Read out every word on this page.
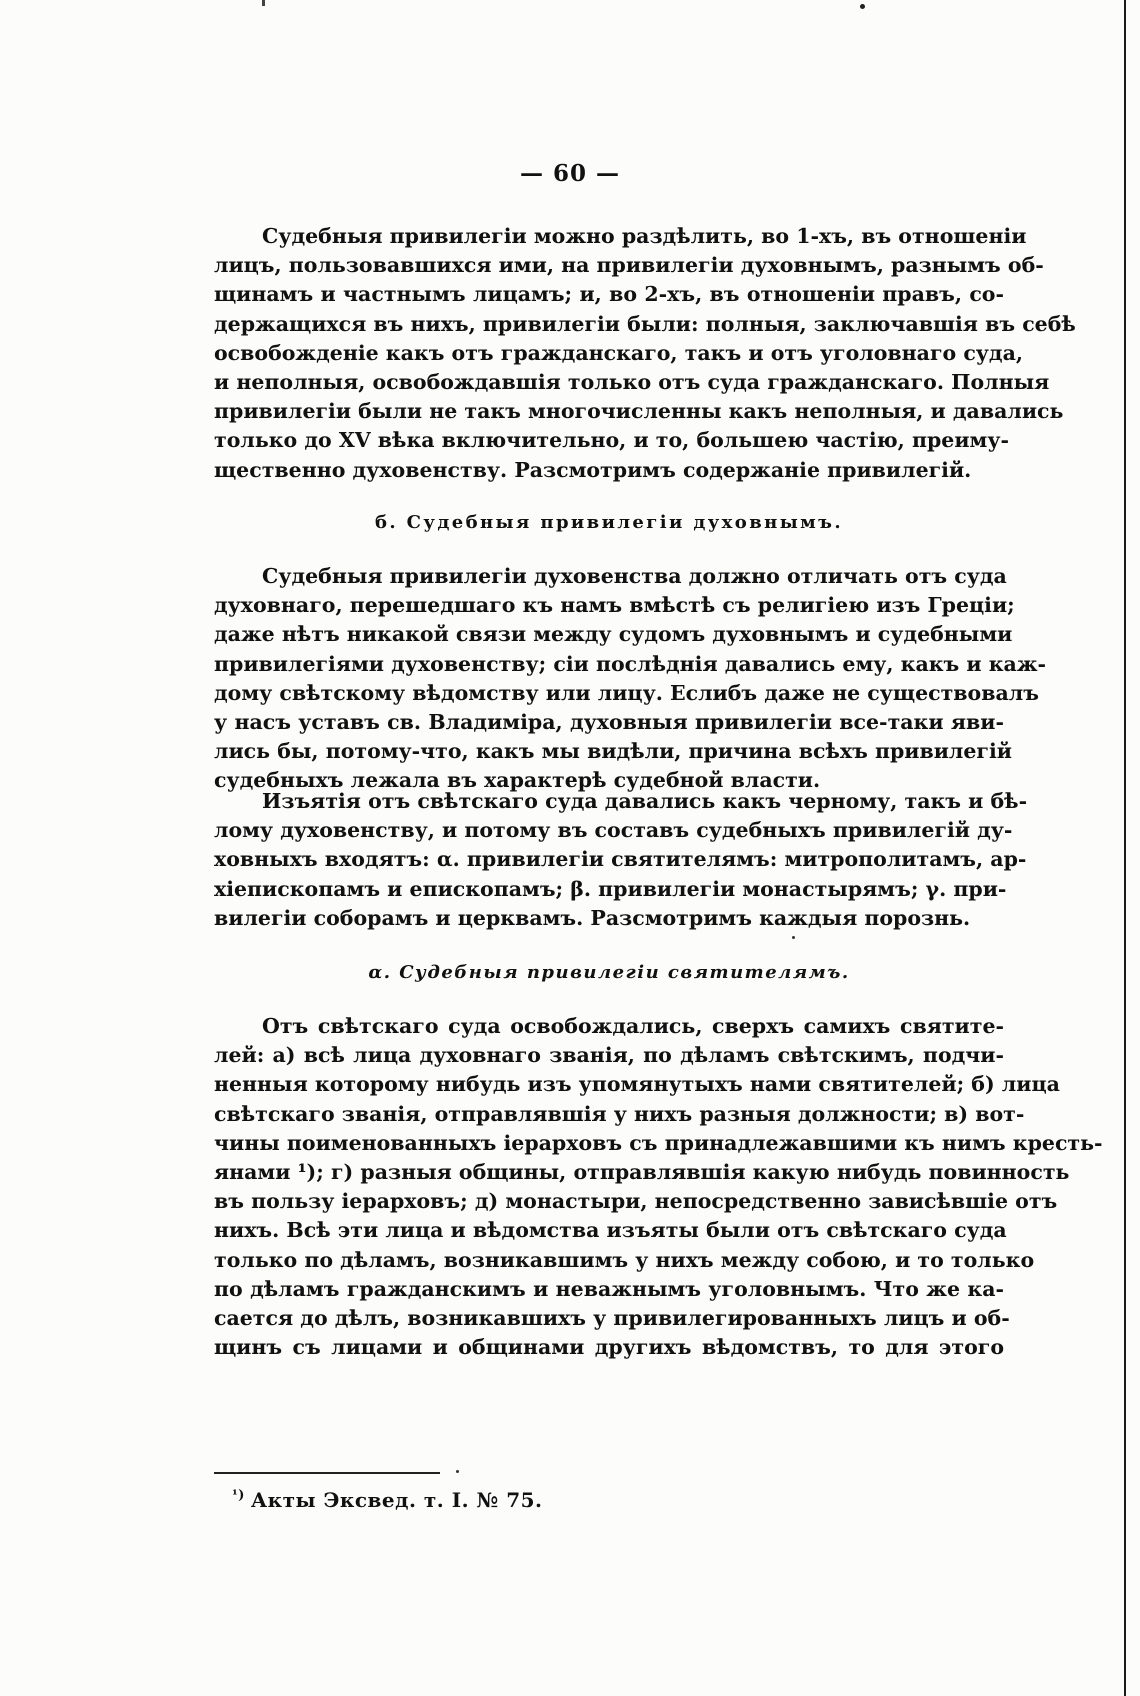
— 60 —
Судебныя привилегіи можно раздѣлить, во 1-хъ, въ отношеніи
лицъ, пользовавшихся ими, на привилегіи духовнымъ, разнымъ об-
щинамъ и частнымъ лицамъ; и, во 2-хъ, въ отношеніи правъ, со-
держащихся въ нихъ, привилегіи были: полныя, заключавшія въ себѣ
освобожденіе какъ отъ гражданскаго, такъ и отъ уголовнаго суда,
и неполныя, освобождавшія только отъ суда гражданскаго. Полныя
привилегіи были не такъ многочисленны какъ неполныя, и давались
только до XV вѣка включительно, и то, большею частію, преиму-
щественно духовенству. Разсмотримъ содержаніе привилегій.
б. Судебныя привилегіи духовнымъ.
Судебныя привилегіи духовенства должно отличать отъ суда
духовнаго, перешедшаго къ намъ вмѣстѣ съ религіею изъ Греціи;
даже нѣтъ никакой связи между судомъ духовнымъ и судебными
привилегіями духовенству; сіи послѣднія давались ему, какъ и каж-
дому свѣтскому вѣдомству или лицу. Еслибъ даже не существовалъ
у насъ уставъ св. Владиміра, духовныя привилегіи все-таки яви-
лись бы, потому-что, какъ мы видѣли, причина всѣхъ привилегій
судебныхъ лежала въ характерѣ судебной власти.
Изъятія отъ свѣтскаго суда давались какъ черному, такъ и бѣ-
лому духовенству, и потому въ составъ судебныхъ привилегій ду-
ховныхъ входятъ: α. привилегіи святителямъ: митрополитамъ, ар-
хіепископамъ и епископамъ; β. привилегіи монастырямъ; γ. при-
вилегіи соборамъ и церквамъ. Разсмотримъ каждыя порознь.
α. Судебныя привилегіи святителямъ.
Отъ свѣтскаго суда освобождались, сверхъ самихъ святите-
лей: а) всѣ лица духовнаго званія, по дѣламъ свѣтскимъ, подчи-
ненныя которому нибудь изъ упомянутыхъ нами святителей; б) лица
свѣтскаго званія, отправлявшія у нихъ разныя должности; в) вот-
чины поименованныхъ іерарховъ съ принадлежавшими къ нимъ кресть-
янами ¹); г) разныя общины, отправлявшія какую нибудь повинность
въ пользу іерарховъ; д) монастыри, непосредственно зависѣвшіе отъ
нихъ. Всѣ эти лица и вѣдомства изъяты были отъ свѣтскаго суда
только по дѣламъ, возникавшимъ у нихъ между собою, и то только
по дѣламъ гражданскимъ и неважнымъ уголовнымъ. Что же ка-
сается до дѣлъ, возникавшихъ у привилегированныхъ лицъ и об-
щинъ съ лицами и общинами другихъ вѣдомствъ, то для этого
$^{^1)}$ Акты Эксвед. т. I. № 75.
